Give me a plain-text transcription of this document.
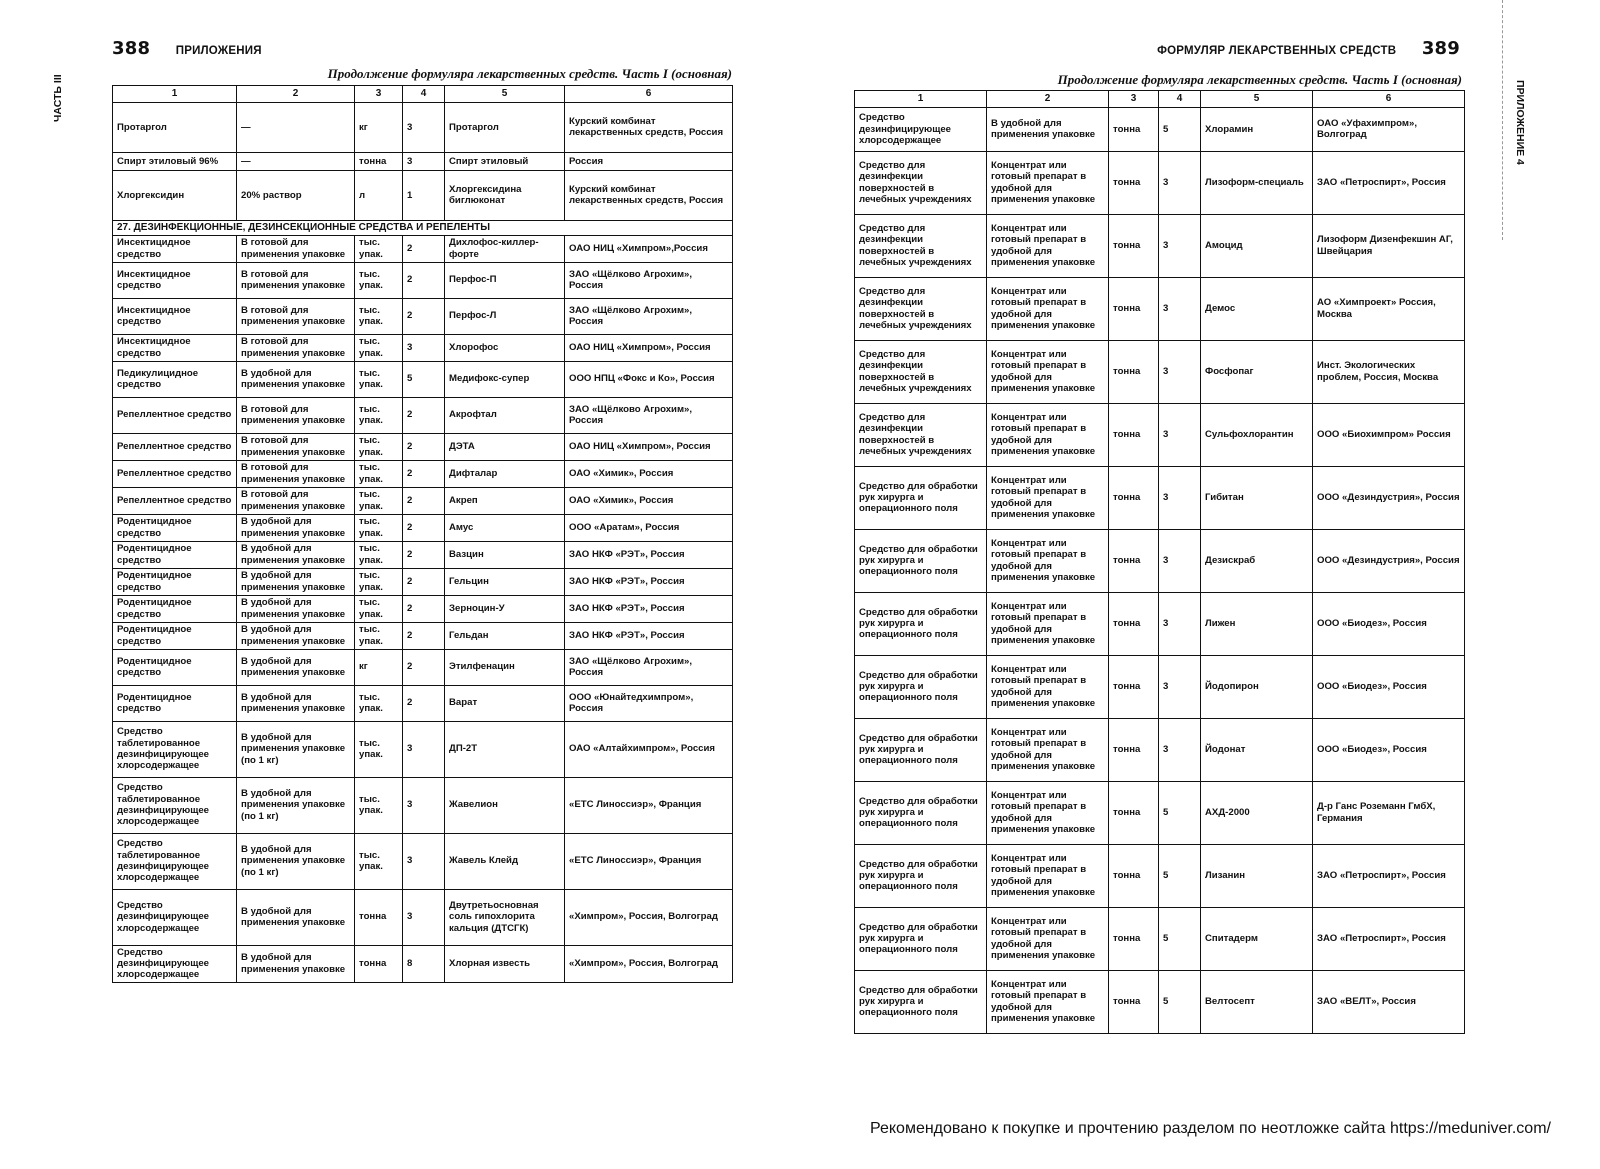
388 ПРИЛОЖЕНИЯ
ЧАСТЬ III
Продолжение формуляра лекарственных средств. Часть I (основная)
1	2	3	4	5	6
Протаргол	—	кг	3	Протаргол	Курский комбинат лекарственных средств, Россия
Спирт этиловый 96%	—	тонна	3	Спирт этиловый	Россия
Хлоргексидин	20% раствор	л	1	Хлоргексидина биглюконат	Курский комбинат лекарственных средств, Россия
27. ДЕЗИНФЕКЦИОННЫЕ, ДЕЗИНСЕКЦИОННЫЕ СРЕДСТВА И РЕПЕЛЕНТЫ					
Инсектицидное средство	В готовой для применения упаковке	тыс. упак.	2	Дихлофос-киллер-форте	ОАО НИЦ «Химпром»,Россия
Инсектицидное средство	В готовой для применения упаковке	тыс. упак.	2	Перфос-П	ЗАО «Щёлково Агрохим», Россия
Инсектицидное средство	В готовой для применения упаковке	тыс. упак.	2	Перфос-Л	ЗАО «Щёлково Агрохим», Россия
Инсектицидное средство	В готовой для применения упаковке	тыс. упак.	3	Хлорофос	ОАО НИЦ «Химпром», Россия
Педикулицидное средство	В удобной для применения упаковке	тыс. упак.	5	Медифокс-супер	ООО НПЦ «Фокс и Ко», Россия
Репеллентное средство	В готовой для применения упаковке	тыс. упак.	2	Акрофтал	ЗАО «Щёлково Агрохим», Россия
Репеллентное средство	В готовой для применения упаковке	тыс. упак.	2	ДЭТА	ОАО НИЦ «Химпром», Россия
Репеллентное средство	В готовой для применения упаковке	тыс. упак.	2	Дифталар	ОАО «Химик», Россия
Репеллентное средство	В готовой для применения упаковке	тыс. упак.	2	Акреп	ОАО «Химик», Россия
Родентицидное средство	В удобной для применения упаковке	тыс. упак.	2	Амус	ООО «Аратам», Россия
Родентицидное средство	В удобной для применения упаковке	тыс. упак.	2	Вазцин	ЗАО НКФ «РЭТ», Россия
Родентицидное средство	В удобной для применения упаковке	тыс. упак.	2	Гельцин	ЗАО НКФ «РЭТ», Россия
Родентицидное средство	В удобной для применения упаковке	тыс. упак.	2	Зерноцин-У	ЗАО НКФ «РЭТ», Россия
Родентицидное средство	В удобной для применения упаковке	тыс. упак.	2	Гельдан	ЗАО НКФ «РЭТ», Россия
Родентицидное средство	В удобной для применения упаковке	кг	2	Этилфенацин	ЗАО «Щёлково Агрохим», Россия
Родентицидное средство	В удобной для применения упаковке	тыс. упак.	2	Варат	ООО «Юнайтедхимпром», Россия
Средство таблетированное дезинфицирующее хлорсодержащее	В удобной для применения упаковке (по 1 кг)	тыс. упак.	3	ДП-2Т	ОАО «Алтайхимпром», Россия
Средство таблетированное дезинфицирующее хлорсодержащее	В удобной для применения упаковке (по 1 кг)	тыс. упак.	3	Жавелион	«ЕТС Линоссиэр», Франция
Средство таблетированное дезинфицирующее хлорсодержащее	В удобной для применения упаковке (по 1 кг)	тыс. упак.	3	Жавель Клейд	«ЕТС Линоссиэр», Франция
Средство дезинфицирующее хлорсодержащее	В удобной для применения упаковке	тонна	3	Двутретьосновная соль гипохлорита кальция (ДТСГК)	«Химпром», Россия, Волгоград
Средство дезинфицирующее хлорсодержащее	В удобной для применения упаковке	тонна	8	Хлорная известь	«Химпром», Россия, Волгоград
ФОРМУЛЯР ЛЕКАРСТВЕННЫХ СРЕДСТВ 389
ПРИЛОЖЕНИЕ 4
Продолжение формуляра лекарственных средств. Часть I (основная)
1	2	3	4	5	6
Средство дезинфицирующее хлорсодержащее	В удобной для применения упаковке	тонна	5	Хлорамин	ОАО «Уфахимпром», Волгоград
Средство для дезинфекции поверхностей в лечебных учреждениях	Концентрат или готовый препарат в удобной для применения упаковке	тонна	3	Лизоформ-специаль	ЗАО «Петроспирт», Россия
Средство для дезинфекции поверхностей в лечебных учреждениях	Концентрат или готовый препарат в удобной для применения упаковке	тонна	3	Амоцид	Лизоформ Дизенфекшин АГ, Швейцария
Средство для дезинфекции поверхностей в лечебных учреждениях	Концентрат или готовый препарат в удобной для применения упаковке	тонна	3	Демос	АО «Химпроект» Россия, Москва
Средство для дезинфекции поверхностей в лечебных учреждениях	Концентрат или готовый препарат в удобной для применения упаковке	тонна	3	Фосфопаг	Инст. Экологических проблем, Россия, Москва
Средство для дезинфекции поверхностей в лечебных учреждениях	Концентрат или готовый препарат в удобной для применения упаковке	тонна	3	Сульфохлорантин	ООО «Биохимпром» Россия
Средство для обработки рук хирурга и операционного поля	Концентрат или готовый препарат в удобной для применения упаковке	тонна	3	Гибитан	ООО «Дезиндустрия», Россия
Средство для обработки рук хирурга и операционного поля	Концентрат или готовый препарат в удобной для применения упаковке	тонна	3	Дезискраб	ООО «Дезиндустрия», Россия
Средство для обработки рук хирурга и операционного поля	Концентрат или готовый препарат в удобной для применения упаковке	тонна	3	Лижен	ООО «Биодез», Россия
Средство для обработки рук хирурга и операционного поля	Концентрат или готовый препарат в удобной для применения упаковке	тонна	3	Йодопирон	ООО «Биодез», Россия
Средство для обработки рук хирурга и операционного поля	Концентрат или готовый препарат в удобной для применения упаковке	тонна	3	Йодонат	ООО «Биодез», Россия
Средство для обработки рук хирурга и операционного поля	Концентрат или готовый препарат в удобной для применения упаковке	тонна	5	АХД-2000	Д-р Ганс Роземанн ГмбХ, Германия
Средство для обработки рук хирурга и операционного поля	Концентрат или готовый препарат в удобной для применения упаковке	тонна	5	Лизанин	ЗАО «Петроспирт», Россия
Средство для обработки рук хирурга и операционного поля	Концентрат или готовый препарат в удобной для применения упаковке	тонна	5	Спитадерм	ЗАО «Петроспирт», Россия
Средство для обработки рук хирурга и операционного поля	Концентрат или готовый препарат в удобной для применения упаковке	тонна	5	Велтосепт	ЗАО «ВЕЛТ», Россия
Рекомендовано к покупке и прочтению разделом по неотложке сайта https://meduniver.com/
